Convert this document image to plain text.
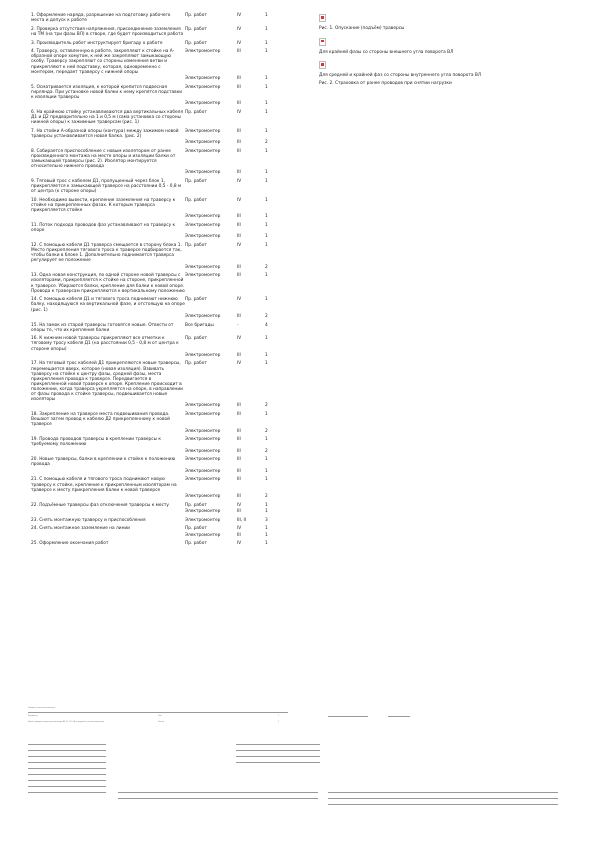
1. Оформление наряда, разрешение на подготовку рабочего места и допуск к работе
Пр. работ	IV	1
2. Проверка отсутствия напряжения, присоединение заземления на ТМ (на три фазы ВЛ) в створе, где будет производиться работа
Пр. работ	IV	1
3. Производитель работ инструктирует бригаду о работе	Пр. работ	IV	1
4. Траверсу, оставленную в работе, закрепляют к стойке на А-образной опоре хомутом, к ней же закрепляют замыкающую скобу. Траверсу закрепляют со стороны изменения ветви и прикрепляют к ней подставку, которая, одновременно с монтером, передает траверсу с нижней опоры
Электромонтер	III	1
Электромонтер	III	1
5. Осматривается изоляция, к которой крепится подвесная гирлянда. При установке новой балки к нему крепятся подставки к изоляции траверсы
Электромонтер	III	1
Электромонтер	III	1
6. На крайнюю стойку устанавливаются два вертикальных кабеля Д1 и Д2 предварительно на 1 и 0,5 м (сама установка со стороны нижней опоры) к зажимным траверсам (рис. 1)
Пр. работ	IV	1
7. На стойки А-образной опоры (контура) между зажимом новой траверсы устанавливается новая балка. (рис. 2)
Электромонтер	III	1
Электромонтер	III	2
8. Собирается приспособление с новым изолятором от ранее произведенного монтажа на месте опоры и изоляции балки от замыкающей траверсы (рис. 2). Изолятор монтируется относительно нижнего провода
Электромонтер	III	1
Электромонтер	III	1
9. Тяговый трос с кабелем Д1, пропущенный через блок 1, прикрепляется к замыкающей траверсе на расстоянии 0,5 - 0,8 м от центра (к стороне опоры)
Пр. работ	IV	1
10. Необходимо вывести, крепление заземления на траверсу к стойке на прикрепленных фазах. К которым траверса прикрепляется стойке
Пр. работ	IV	1
Электромонтер	III	1
11. Поток подхода проводов фаз устанавливают на траверсу к опоре
Электромонтер	III	1
Электромонтер	III	1
12. С помощью кабеля Д1 траверса смещается в сторону блока 1. Место прикрепления тягового троса к траверсе подбирается так, чтобы балки в блоке 1. Дополнительно поднимается траверса регулирует ее положение
Пр. работ	IV	1
Электромонтер	III	2
13. Одна новая конструкция, по одной стороне новой траверсы с изоляторами, прикрепляется к стойке на стороне, прикрепленной к траверсе. Убираются балки, крепление для балки к новой опоре. Провода к траверсам прикрепляются к вертикальному положению
Электромонтер	III	1
14. С помощью кабеля Д1 и тягового троса поднимают нижнюю балку, находящуюся на вертикальной фазе, и отстоящую на опоре (рис. 1)
Пр. работ	IV	1
Электромонтер	III	2
15. На замок из старой траверсы готовятся новые. Отвести от опоры те, что их крепления балки
Все бригады	-	4
16. К нижним новой траверсы прикрепляют все отметки к тяговому тросу кабеля Д1 (на расстоянии 0,5 - 0,8 м от центра к стороне опоры)
Пр. работ	IV	1
Электромонтер	III	1
17. На тяговый трос кабелей Д1 прикрепляются новые траверсы, перемещается вверх, которое (новая изоляция). Взвивать траверсу на стойке к центру фазы, средней фазы, места прикрепления провода к траверсе. Передвигается в прикрепленной новой траверсе к опоре. Крепление происходит в положении, когда траверса укрепляется на опоре, в направлении от фазы провода к стойке траверсы, подвешивается новые изоляторы
Пр. работ	IV	1
Электромонтер	III	2
18. Закрепление на траверсе места подвешивания провода. Вешают затем провод к кабелю Д2 прикрепленному к новой траверсе
Электромонтер	III	1
Электромонтер	III	2
19. Провода проводов траверсы в креплении траверсы к требуемому положению
Электромонтер	III	1
Электромонтер	III	2
20. Новые траверсы, балки в креплении к стойке к положению провода
Электромонтер	III	1
Электромонтер	III	1
21. С помощью кабеля и тягового троса поднимают новую траверсу к стойке, крепление к прикрепленным изоляторам на траверсе к месту прикрепления балки к новой траверсе
Электромонтер	III	1
Электромонтер	III	2
22. Подъёмные траверсы фаз отключения траверсы к месту	Пр. работ	IV	1
Электромонтер	III	1
23. Снять монтажную траверсу и приспособления	Электромонтер	III, II	3
24. Снять монтажное заземление на линии	Пр. работ	IV	1
Электромонтер	III	1
25. Оформление окончания работ	Пр. работ	IV	1
Рис. 1. Опускание (подъём) траверсы
Для крайней фазы со стороны внешнего угла поворота ВЛ
Для средней и крайней фаз со стороны внутреннего угла поворота ВЛ
Рис. 2. Страховка от ранее проводов при снятии нагрузки
Типовая технологическая карта
Разработал
Замена траверсы промежуточной опоры ВЛ 35 - 110 кВ на новую без снятия напряжения
Лист	1
Листов	2
